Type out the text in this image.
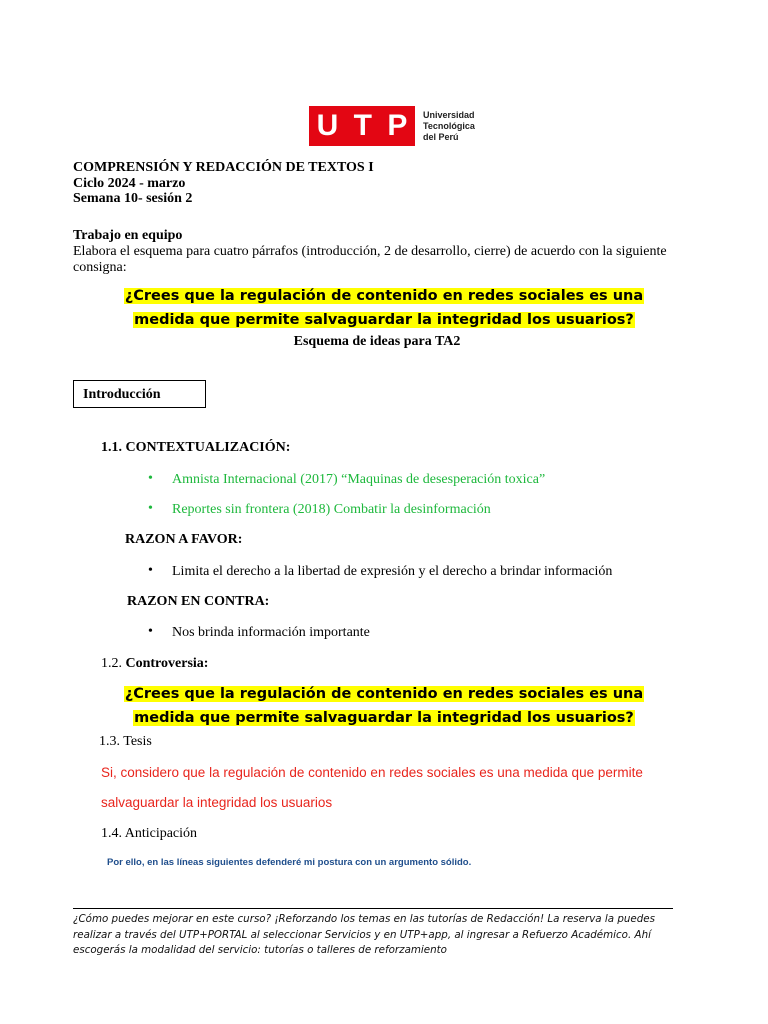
U T P Universidad
Tecnológica
del Perú
COMPRENSIÓN Y REDACCIÓN DE TEXTOS I
Ciclo 2024 - marzo
Semana 10- sesión 2
Trabajo en equipo
Elabora el esquema para cuatro párrafos (introducción, 2 de desarrollo, cierre) de acuerdo con la siguiente consigna:
¿Crees que la regulación de contenido en redes sociales es una
medida que permite salvaguardar la integridad los usuarios?
Esquema de ideas para TA2
Introducción
1.1. CONTEXTUALIZACIÓN:
• Amnista Internacional (2017) “Maquinas de desesperación toxica”
• Reportes sin frontera (2018) Combatir la desinformación
RAZON A FAVOR:
• Limita el derecho a la libertad de expresión y el derecho a brindar información
RAZON EN CONTRA:
• Nos brinda información importante
1.2. Controversia:
¿Crees que la regulación de contenido en redes sociales es una
medida que permite salvaguardar la integridad los usuarios?
1.3. Tesis
Si, considero que la regulación de contenido en redes sociales es una medida que permite
salvaguardar la integridad los usuarios
1.4. Anticipación
Por ello, en las líneas siguientes defenderé mi postura con un argumento sólido.
¿Cómo puedes mejorar en este curso? ¡Reforzando los temas en las tutorías de Redacción! La reserva la puedes
realizar a través del UTP+PORTAL al seleccionar Servicios y en UTP+app, al ingresar a Refuerzo Académico. Ahí
escogerás la modalidad del servicio: tutorías o talleres de reforzamiento
